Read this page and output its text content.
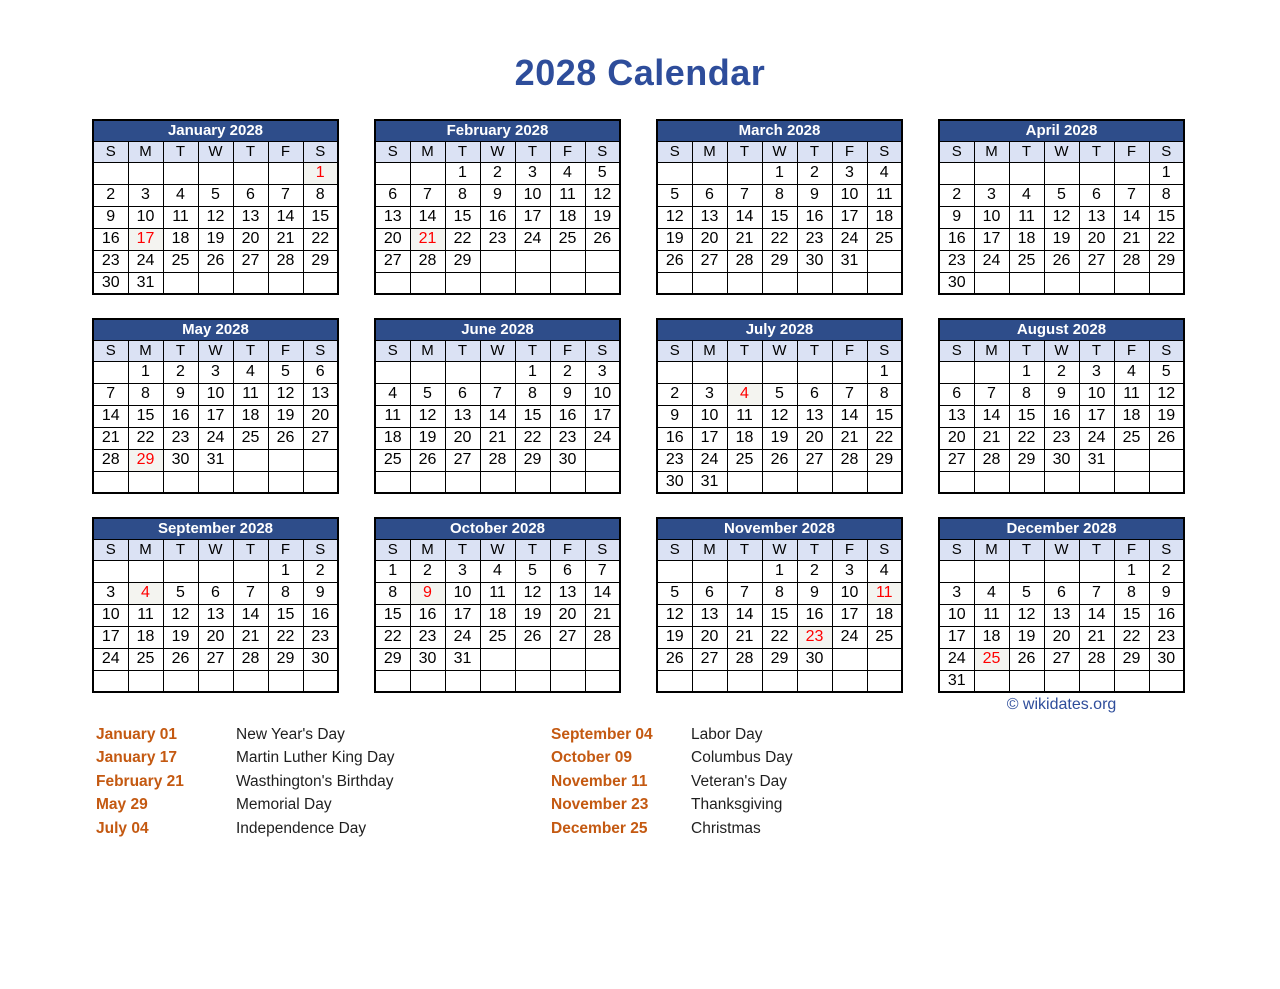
2028 Calendar
January 2028						
S	M	T	W	T	F	S
						1
2	3	4	5	6	7	8
9	10	11	12	13	14	15
16	17	18	19	20	21	22
23	24	25	26	27	28	29
30	31					
February 2028						
S	M	T	W	T	F	S
		1	2	3	4	5
6	7	8	9	10	11	12
13	14	15	16	17	18	19
20	21	22	23	24	25	26
27	28	29				

March 2028						
S	M	T	W	T	F	S
			1	2	3	4
5	6	7	8	9	10	11
12	13	14	15	16	17	18
19	20	21	22	23	24	25
26	27	28	29	30	31	

April 2028						
S	M	T	W	T	F	S
						1
2	3	4	5	6	7	8
9	10	11	12	13	14	15
16	17	18	19	20	21	22
23	24	25	26	27	28	29
30						
May 2028						
S	M	T	W	T	F	S
	1	2	3	4	5	6
7	8	9	10	11	12	13
14	15	16	17	18	19	20
21	22	23	24	25	26	27
28	29	30	31			

June 2028						
S	M	T	W	T	F	S
				1	2	3
4	5	6	7	8	9	10
11	12	13	14	15	16	17
18	19	20	21	22	23	24
25	26	27	28	29	30	

July 2028						
S	M	T	W	T	F	S
						1
2	3	4	5	6	7	8
9	10	11	12	13	14	15
16	17	18	19	20	21	22
23	24	25	26	27	28	29
30	31					
August 2028						
S	M	T	W	T	F	S
		1	2	3	4	5
6	7	8	9	10	11	12
13	14	15	16	17	18	19
20	21	22	23	24	25	26
27	28	29	30	31		

September 2028						
S	M	T	W	T	F	S
					1	2
3	4	5	6	7	8	9
10	11	12	13	14	15	16
17	18	19	20	21	22	23
24	25	26	27	28	29	30

October 2028						
S	M	T	W	T	F	S
1	2	3	4	5	6	7
8	9	10	11	12	13	14
15	16	17	18	19	20	21
22	23	24	25	26	27	28
29	30	31				

November 2028						
S	M	T	W	T	F	S
			1	2	3	4
5	6	7	8	9	10	11
12	13	14	15	16	17	18
19	20	21	22	23	24	25
26	27	28	29	30		

December 2028						
S	M	T	W	T	F	S
					1	2
3	4	5	6	7	8	9
10	11	12	13	14	15	16
17	18	19	20	21	22	23
24	25	26	27	28	29	30
31						
© wikidates.org
January 01	New Year's Day
January 17	Martin Luther King Day
February 21	Wasthington's Birthday
May 29	Memorial Day
July 04	Independence Day
September 04	Labor Day
October 09	Columbus Day
November 11	Veteran's Day
November 23	Thanksgiving
December 25	Christmas
